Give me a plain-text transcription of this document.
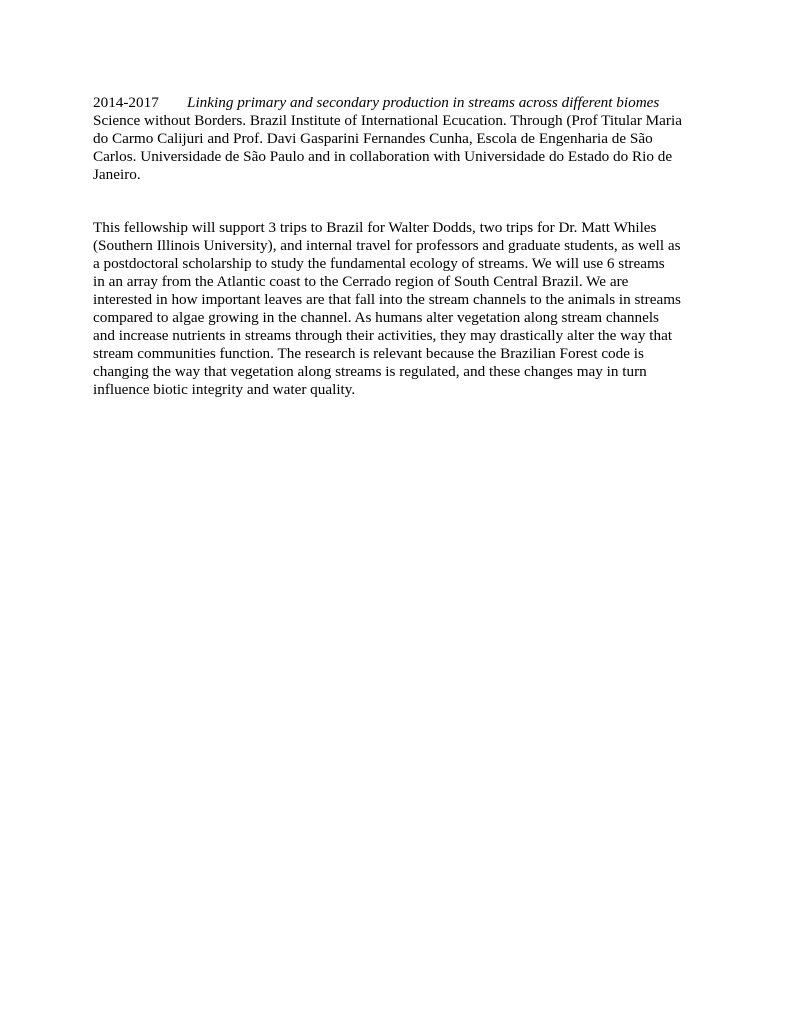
2014-2017 Linking primary and secondary production in streams across different biomes
Science without Borders. Brazil Institute of International Ecucation. Through (Prof Titular Maria
do Carmo Calijuri and Prof. Davi Gasparini Fernandes Cunha, Escola de Engenharia de São
Carlos. Universidade de São Paulo and in collaboration with Universidade do Estado do Rio de
Janeiro.
This fellowship will support 3 trips to Brazil for Walter Dodds, two trips for Dr. Matt Whiles
(Southern Illinois University), and internal travel for professors and graduate students, as well as
a postdoctoral scholarship to study the fundamental ecology of streams. We will use 6 streams
in an array from the Atlantic coast to the Cerrado region of South Central Brazil. We are
interested in how important leaves are that fall into the stream channels to the animals in streams
compared to algae growing in the channel. As humans alter vegetation along stream channels
and increase nutrients in streams through their activities, they may drastically alter the way that
stream communities function. The research is relevant because the Brazilian Forest code is
changing the way that vegetation along streams is regulated, and these changes may in turn
influence biotic integrity and water quality.
